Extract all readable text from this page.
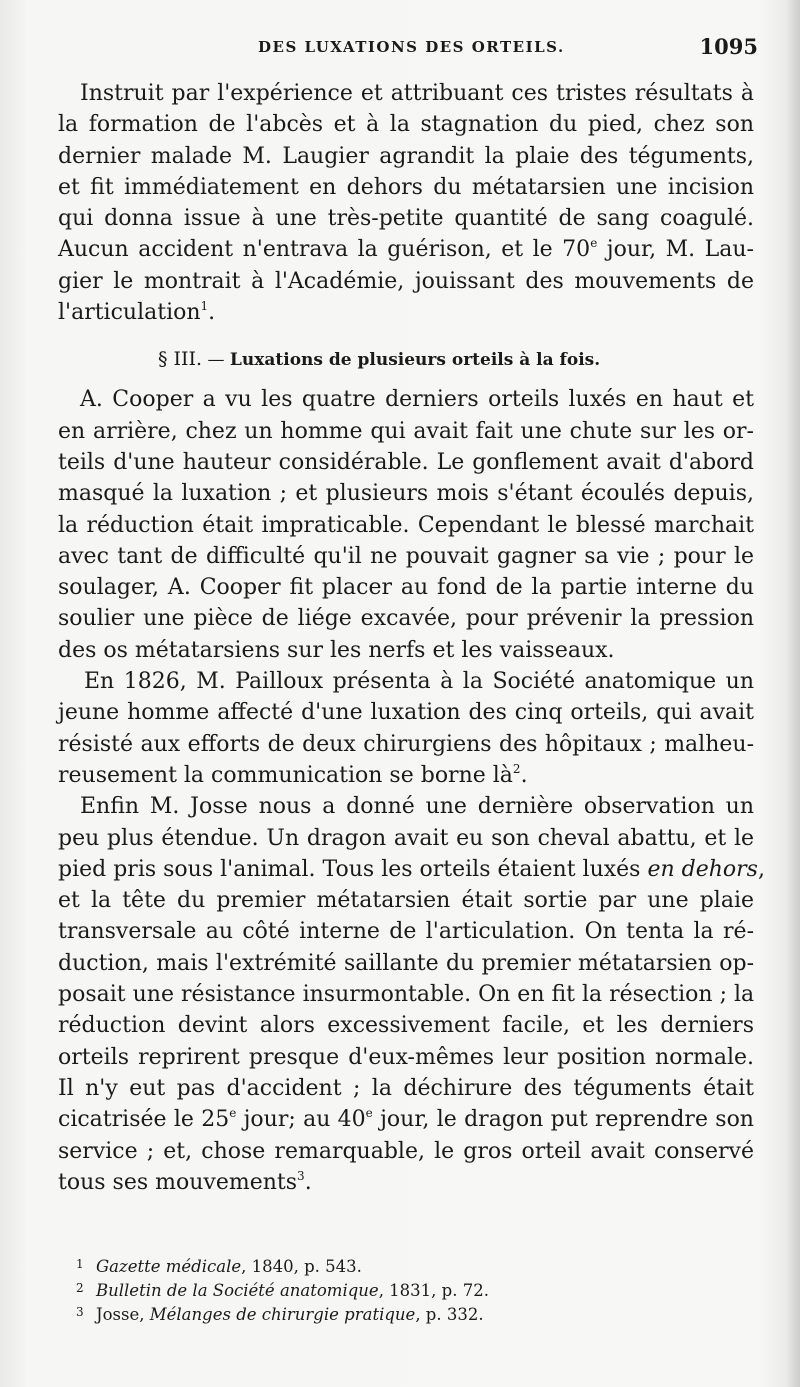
DES LUXATIONS DES ORTEILS.	1095
Instruit par l'expérience et attribuant ces tristes résultats à
la formation de l'abcès et à la stagnation du pied, chez son
dernier malade M. Laugier agrandit la plaie des téguments,
et fit immédiatement en dehors du métatarsien une incision
qui donna issue à une très-petite quantité de sang coagulé.
Aucun accident n'entrava la guérison, et le 70e jour, M. Lau-
gier le montrait à l'Académie, jouissant des mouvements de
l'articulation$^1$.
§ III. — Luxations de plusieurs orteils à la fois.
A. Cooper a vu les quatre derniers orteils luxés en haut et
en arrière, chez un homme qui avait fait une chute sur les or-
teils d'une hauteur considérable. Le gonflement avait d'abord
masqué la luxation ; et plusieurs mois s'étant écoulés depuis,
la réduction était impraticable. Cependant le blessé marchait
avec tant de difficulté qu'il ne pouvait gagner sa vie ; pour le
soulager, A. Cooper fit placer au fond de la partie interne du
soulier une pièce de liége excavée, pour prévenir la pression
des os métatarsiens sur les nerfs et les vaisseaux.
En 1826, M. Pailloux présenta à la Société anatomique un
jeune homme affecté d'une luxation des cinq orteils, qui avait
résisté aux efforts de deux chirurgiens des hôpitaux ; malheu-
reusement la communication se borne $là^2$.
Enfin M. Josse nous a donné une dernière observation un
peu plus étendue. Un dragon avait eu son cheval abattu, et le
pied pris sous l'animal. Tous les orteils étaient luxés en dehors,
et la tête du premier métatarsien était sortie par une plaie
transversale au côté interne de l'articulation. On tenta la ré-
duction, mais l'extrémité saillante du premier métatarsien op-
posait une résistance insurmontable. On en fit la résection ; la
réduction devint alors excessivement facile, et les derniers
orteils reprirent presque d'eux-mêmes leur position normale.
Il n'y eut pas d'accident ; la déchirure des téguments était
cicatrisée le 25e jour; au 40e jour, le dragon put reprendre son
service ; et, chose remarquable, le gros orteil avait conservé
tous ses mouvements$^3$.
1 Gazette médicale, 1840, p. 543.
2 Bulletin de la Société anatomique, 1831, p. 72.
3 Josse, Mélanges de chirurgie pratique, p. 332.
